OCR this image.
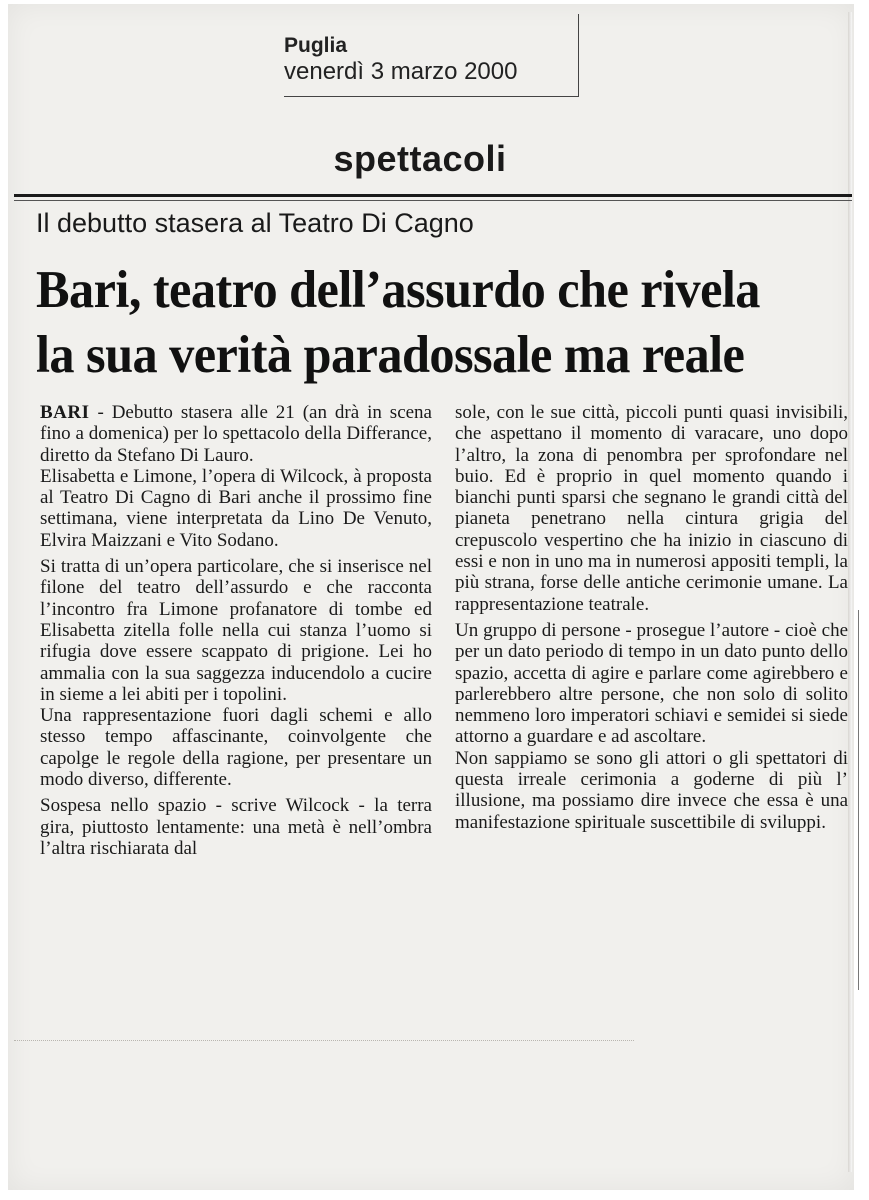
Puglia
venerdì 3 marzo 2000
spettacoli
Il debutto stasera al Teatro Di Cagno
Bari, teatro dell’assurdo che rivela
la sua verità paradossale ma reale

BARI - Debutto stasera alle 21 (an drà in scena fino a domenica) per lo spettacolo della Differance, diretto da Stefano Di Lauro.

Elisabetta e Limone, l’opera di Wilcock, à proposta al Teatro Di Cagno di Bari anche il prossimo fine settimana, viene interpretata da Lino De Venuto, Elvira Maizzani e Vito Sodano.

Si tratta di un’opera particolare, che si inserisce nel filone del teatro dell’assurdo e che racconta l’incontro fra Limone profanatore di tombe ed Elisabetta zitella folle nella cui stanza l’uomo si rifugia dove essere scappato di prigione. Lei ho ammalia con la sua saggezza inducendolo a cucire in sieme a lei abiti per i topolini.

Una rappresentazione fuori dagli schemi e allo stesso tempo affascinante, coinvolgente che capolge le regole della ragione, per presentare un modo diverso, differente.

Sospesa nello spazio - scrive Wilcock - la terra gira, piuttosto lentamente: una metà è nell’ombra l’altra rischiarata dal

sole, con le sue città, piccoli punti quasi invisibili, che aspettano il momento di varacare, uno dopo l’altro, la zona di penombra per sprofondare nel buio. Ed è proprio in quel momento quando i bianchi punti sparsi che segnano le grandi città del pianeta penetrano nella cintura grigia del crepuscolo vespertino che ha inizio in ciascuno di essi e non in uno ma in numerosi appositi templi, la più strana, forse delle antiche cerimonie umane. La rappresentazione teatrale.

Un gruppo di persone - prosegue l’autore - cioè che per un dato periodo di tempo in un dato punto dello spazio, accetta di agire e parlare come agirebbero e parlerebbero altre persone, che non solo di solito nemmeno loro imperatori schiavi e semidei si siede attorno a guardare e ad ascoltare.

Non sappiamo se sono gli attori o gli spettatori di questa irreale cerimonia a goderne di più l’ illusione, ma possiamo dire invece che essa è una manifestazione spirituale suscettibile di sviluppi.
